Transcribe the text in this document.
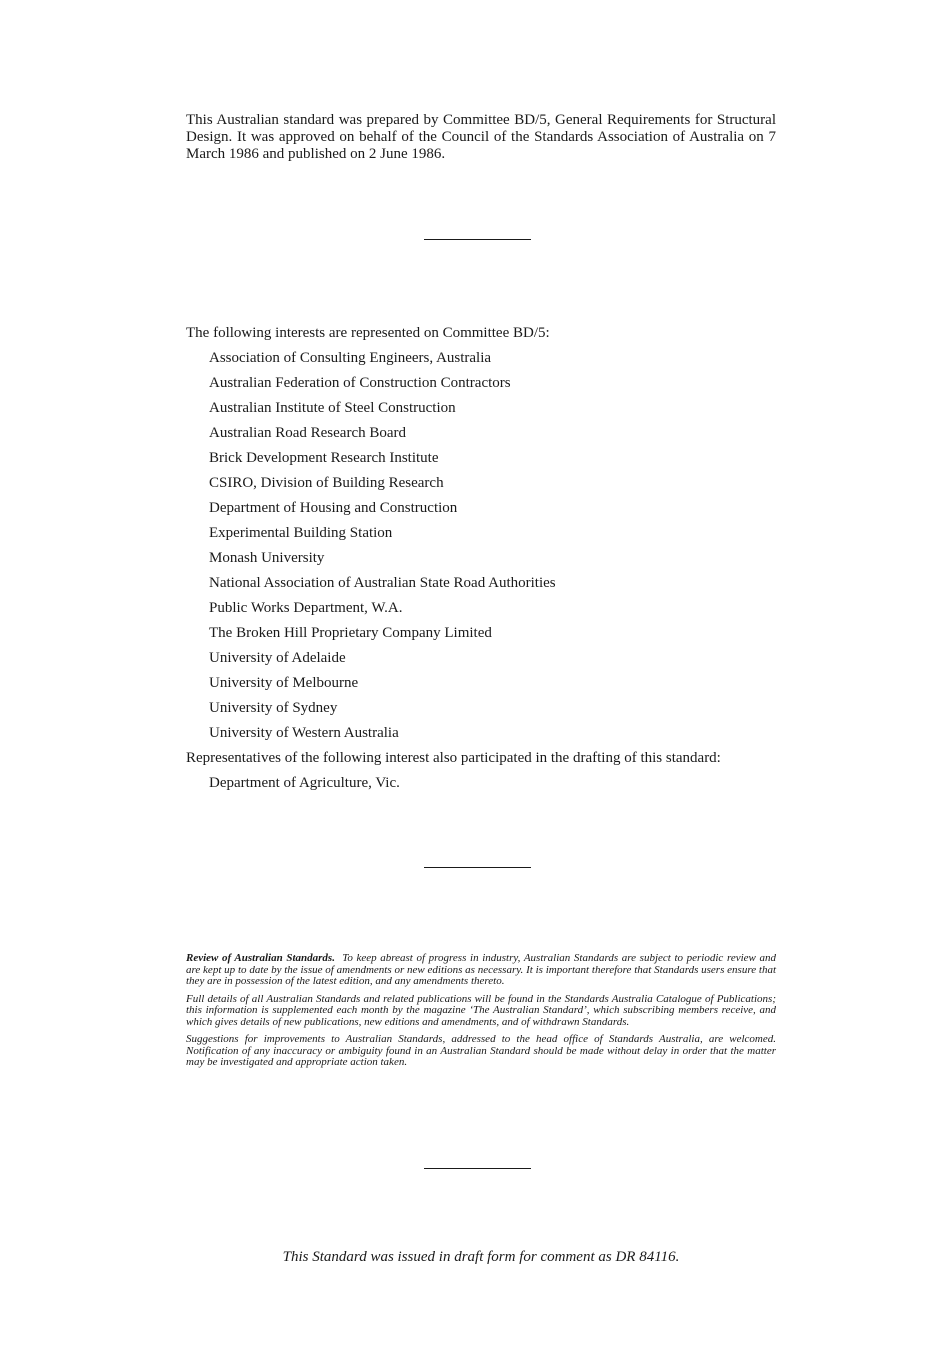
This Australian standard was prepared by Committee BD/5, General Requirements for Structural Design. It was approved on behalf of the Council of the Standards Association of Australia on 7 March 1986 and published on 2 June 1986.

The following interests are represented on Committee BD/5:
Association of Consulting Engineers, Australia
Australian Federation of Construction Contractors
Australian Institute of Steel Construction
Australian Road Research Board
Brick Development Research Institute
CSIRO, Division of Building Research
Department of Housing and Construction
Experimental Building Station
Monash University
National Association of Australian State Road Authorities
Public Works Department, W.A.
The Broken Hill Proprietary Company Limited
University of Adelaide
University of Melbourne
University of Sydney
University of Western Australia
Representatives of the following interest also participated in the drafting of this standard:
Department of Agriculture, Vic.

Review of Australian Standards. To keep abreast of progress in industry, Australian Standards are subject to periodic review and are kept up to date by the issue of amendments or new editions as necessary. It is important therefore that Standards users ensure that they are in possession of the latest edition, and any amendments thereto.

Full details of all Australian Standards and related publications will be found in the Standards Australia Catalogue of Publications; this information is supplemented each month by the magazine ‘The Australian Standard’, which subscribing members receive, and which gives details of new publications, new editions and amendments, and of withdrawn Standards.

Suggestions for improvements to Australian Standards, addressed to the head office of Standards Australia, are welcomed. Notification of any inaccuracy or ambiguity found in an Australian Standard should be made without delay in order that the matter may be investigated and appropriate action taken.

This Standard was issued in draft form for comment as DR 84116.
